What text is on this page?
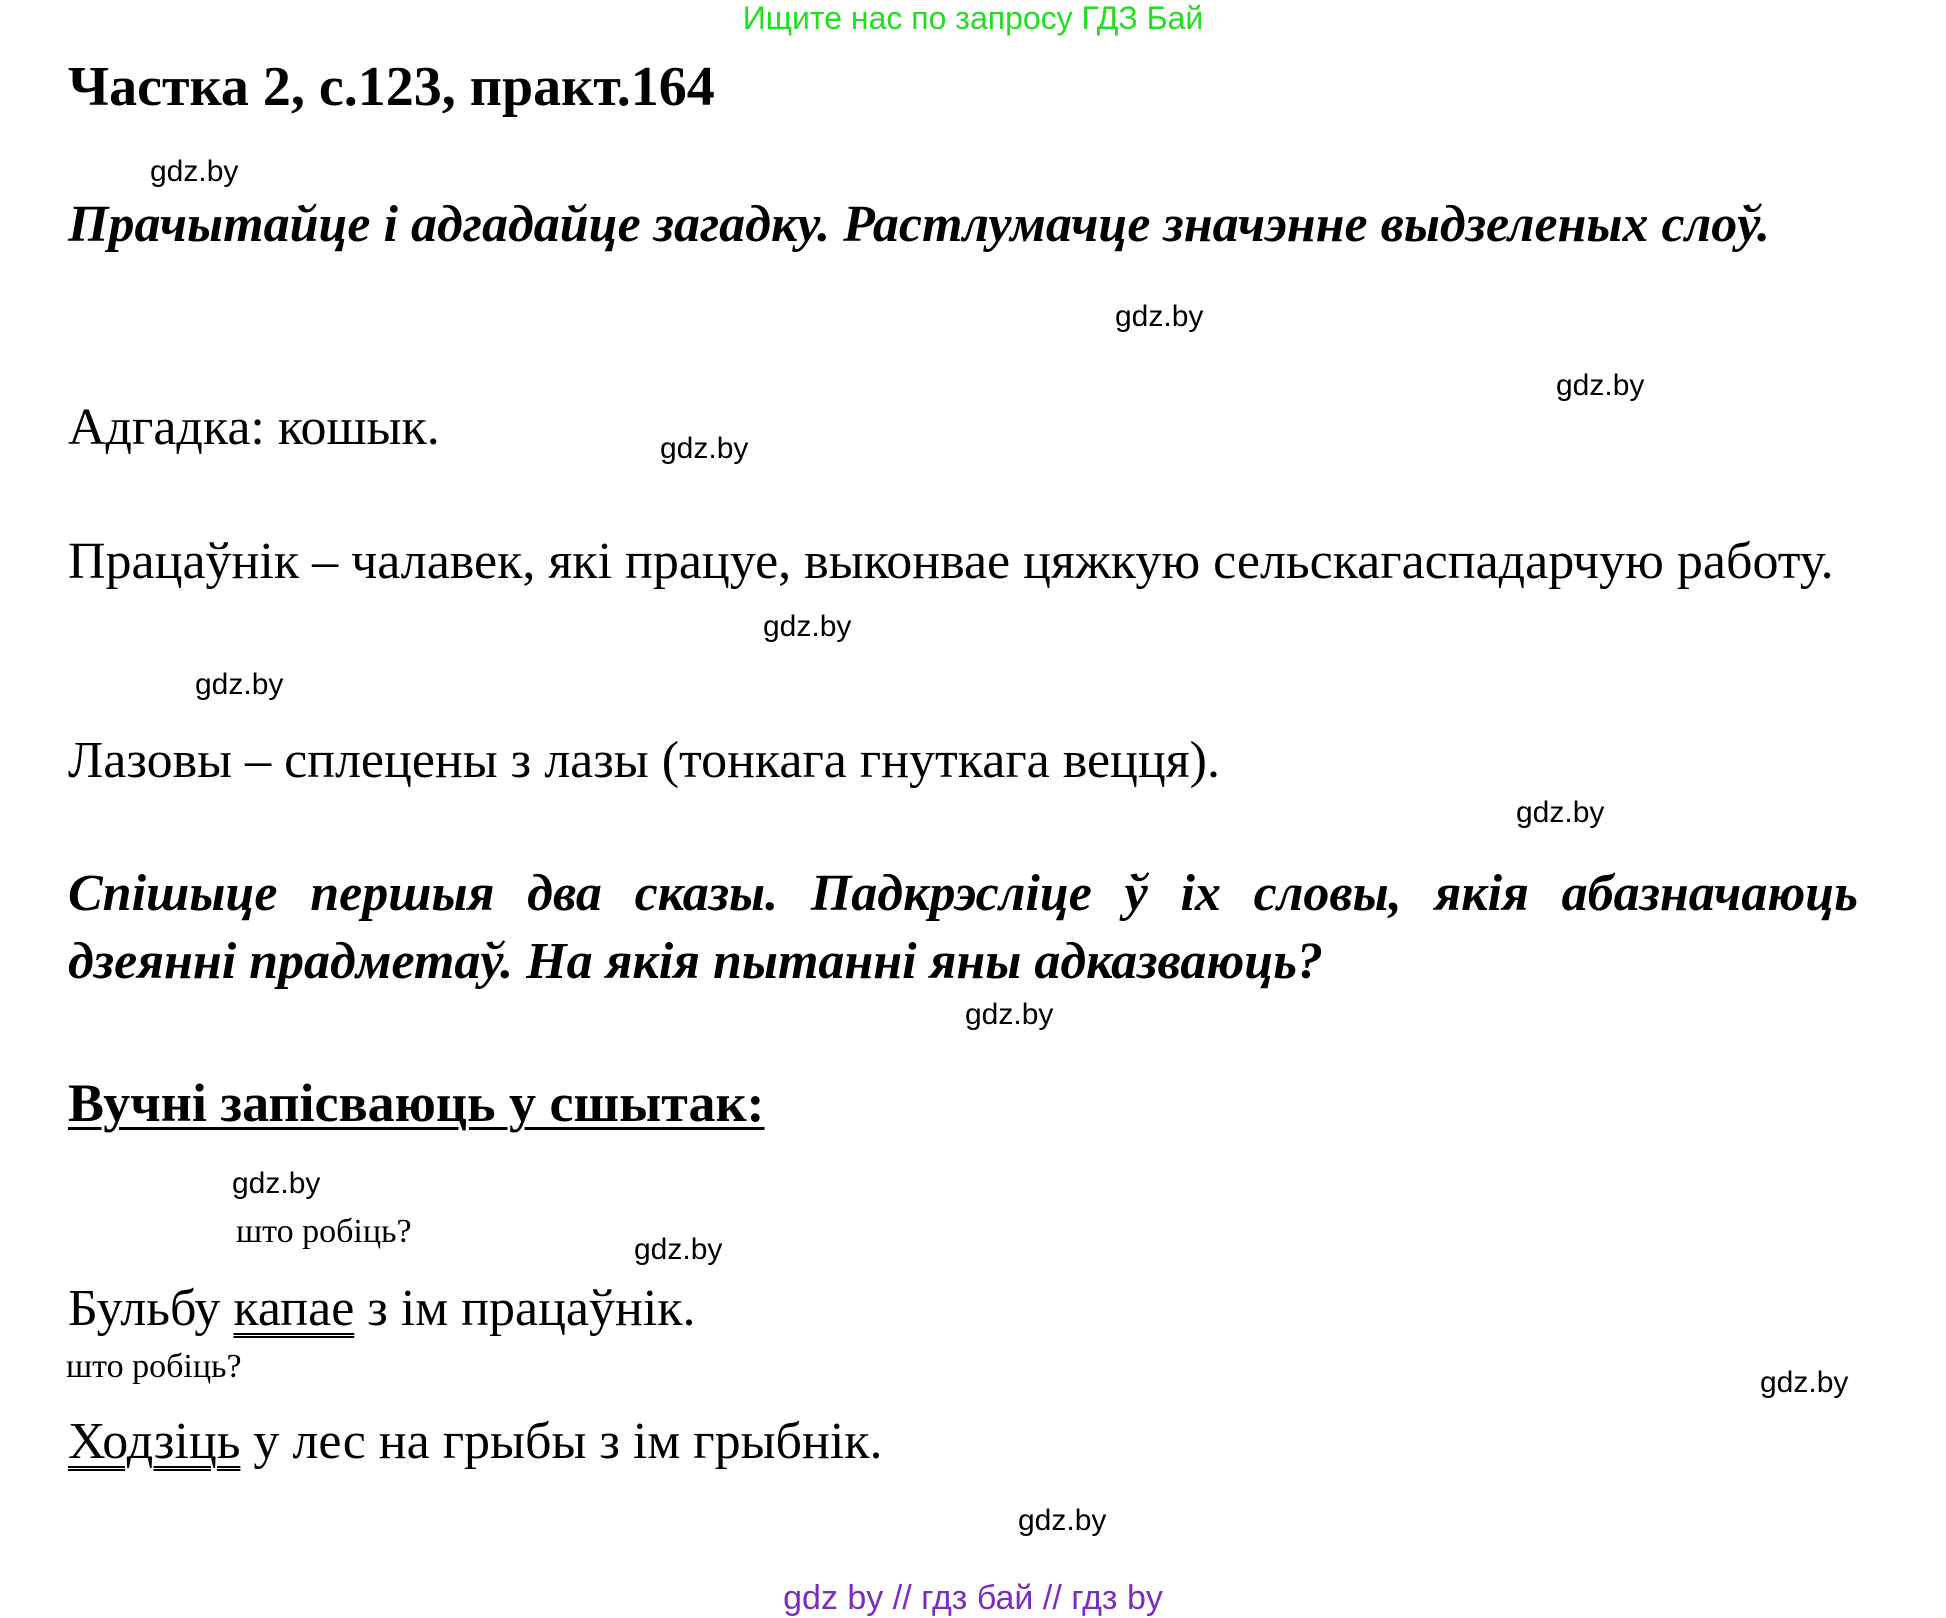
Ищите нас по запросу ГДЗ Бай
Частка 2, с.123, практ.164
Прачытайце і адгадайце загадку. Растлумачце значэнне выдзеленых слоў.
Адгадка: кошык.
Працаўнік – чалавек, які працуе, выконвае цяжкую сельскагаспадарчую работу.
Лазовы – сплецены з лазы (тонкага гнуткага вецця).
Спішыце першыя два сказы. Падкрэсліце ў іх словы, якія абазначаюць дзеянні прадметаў. На якія пытанні яны адказваюць?
Вучні запісваюць у сшытак:
што робіць?
Бульбу капае з ім працаўнік.
што робіць?
Ходзіць у лес на грыбы з ім грыбнік.
gdz.by
gdz.by
gdz.by
gdz.by
gdz.by
gdz.by
gdz.by
gdz.by
gdz.by
gdz.by
gdz.by
gdz.by
gdz by // гдз бай // гдз by
